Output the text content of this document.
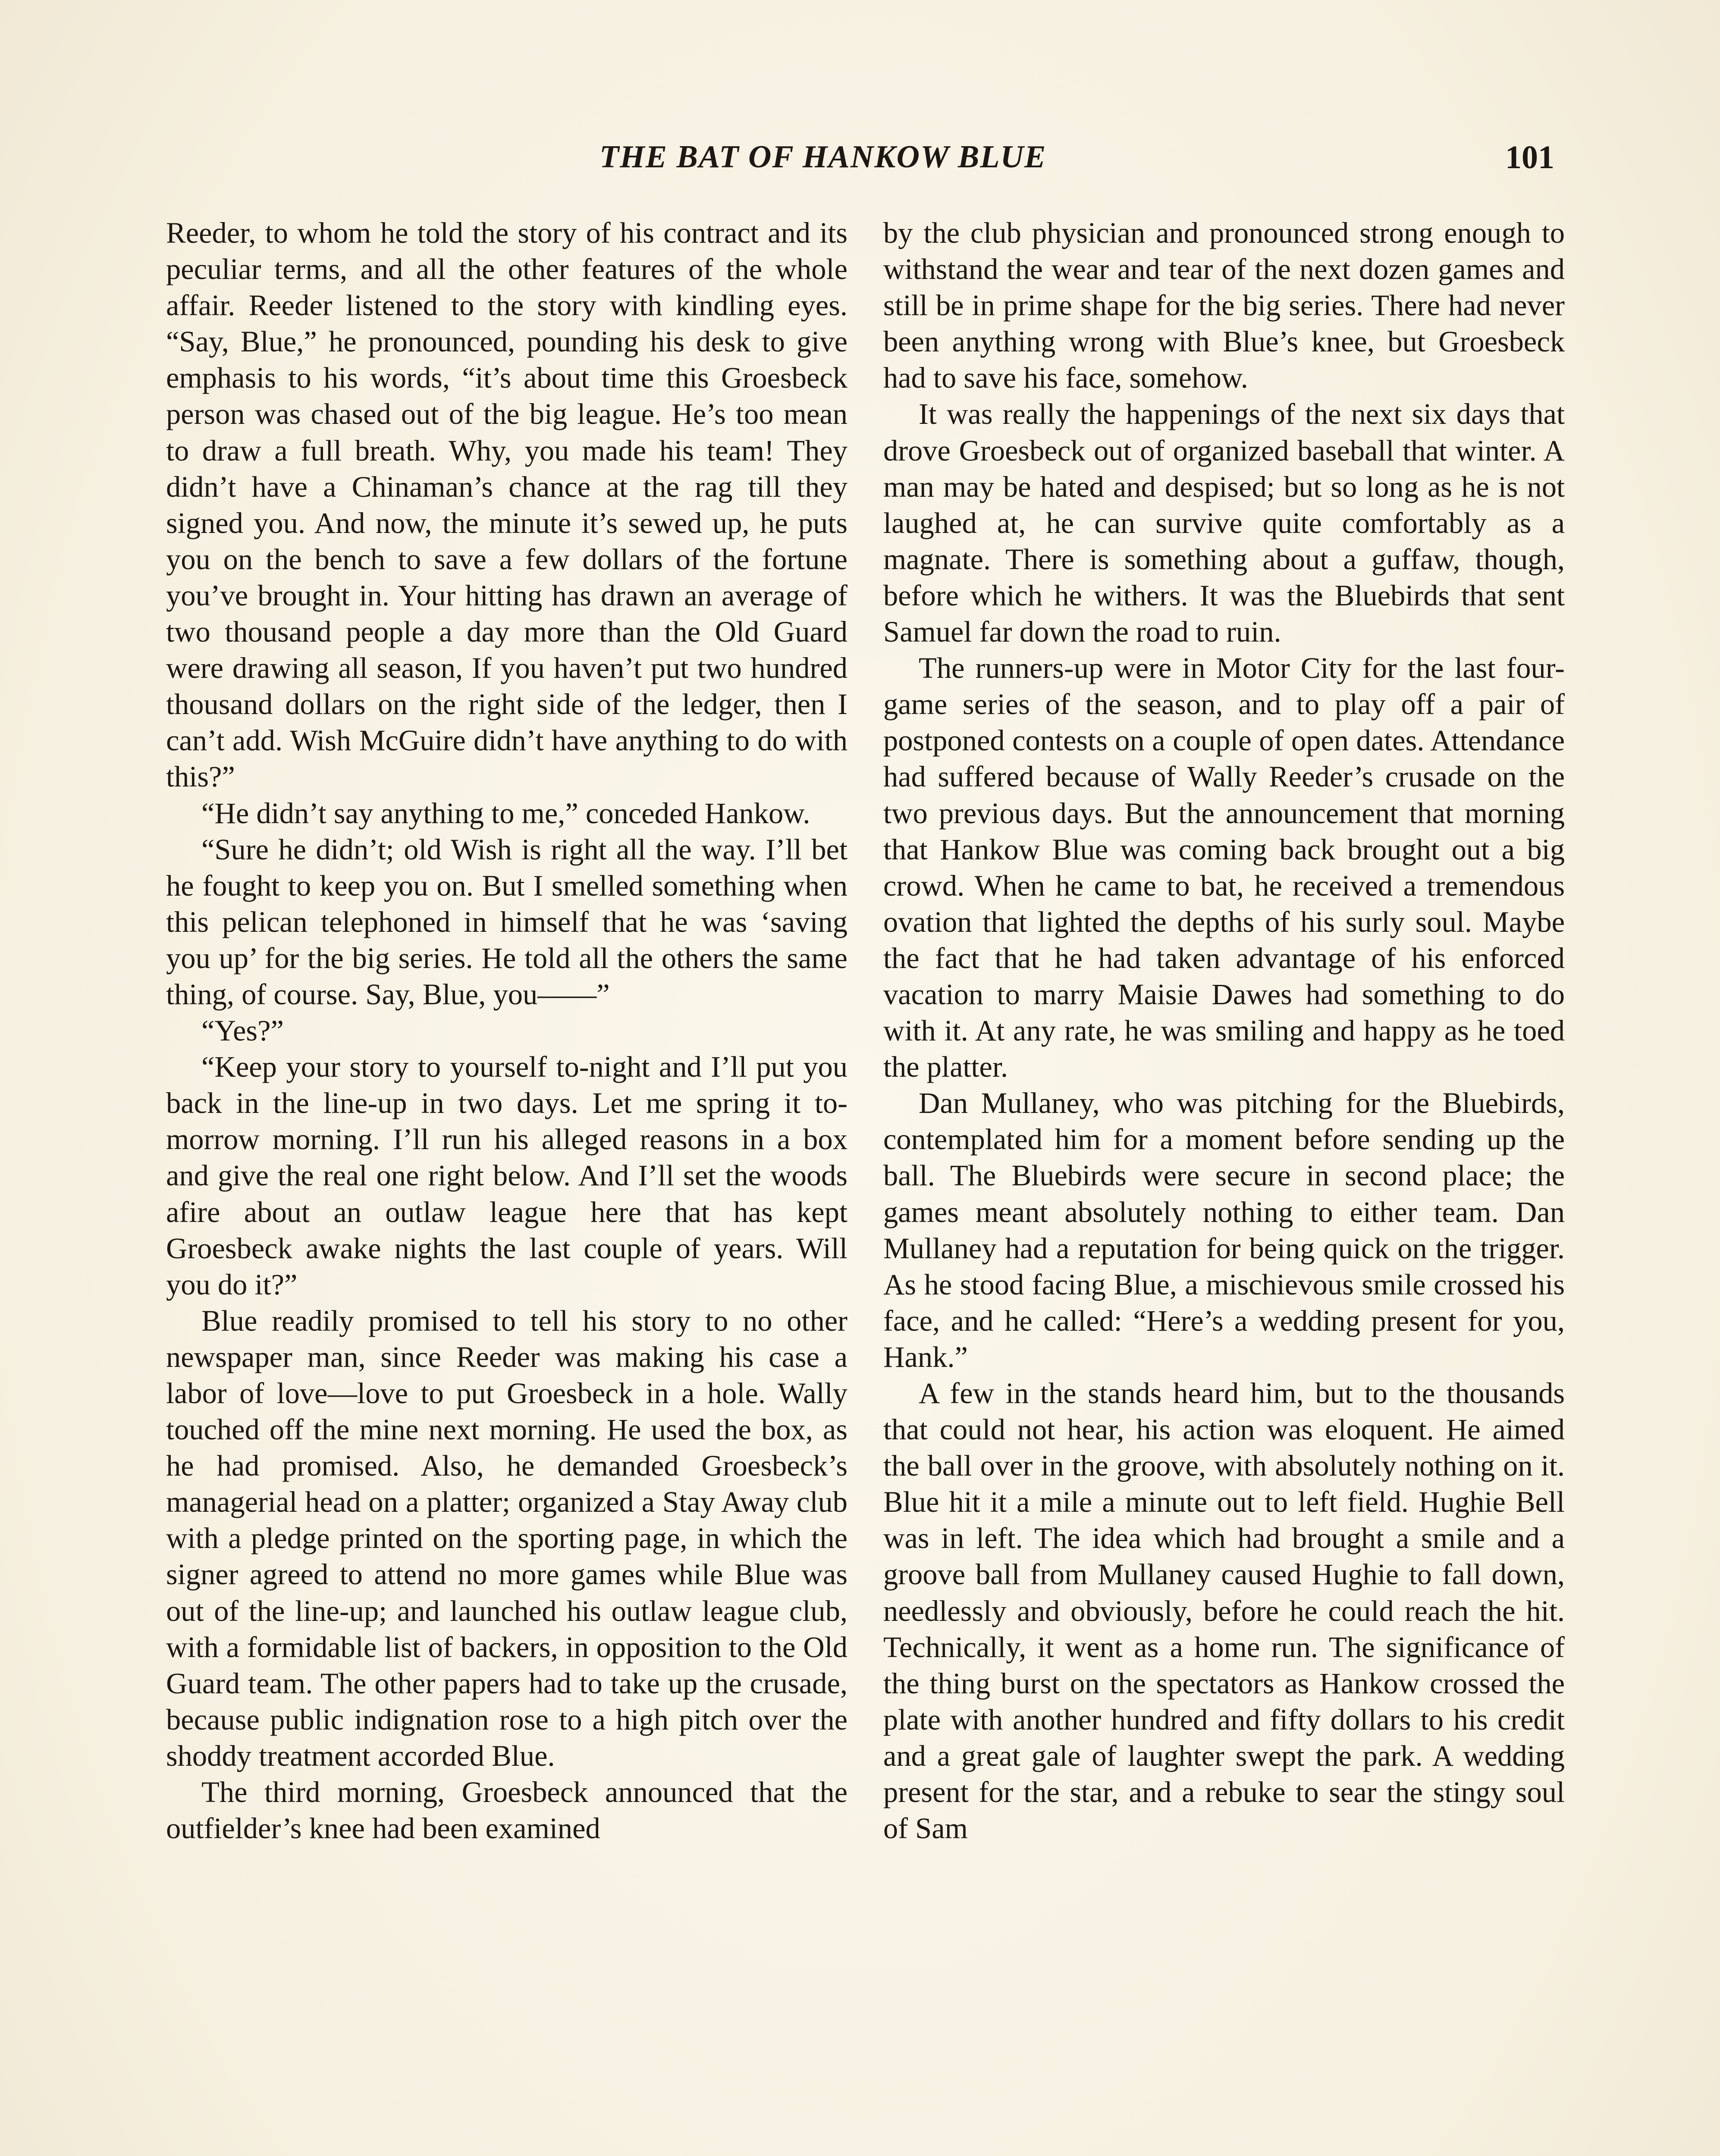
THE BAT OF HANKOW BLUE	101

Reeder, to whom he told the story of his contract and its peculiar terms, and all the other features of the whole affair. Reeder listened to the story with kindling eyes. “Say, Blue,” he pronounced, pounding his desk to give emphasis to his words, “it’s about time this Groesbeck person was chased out of the big league. He’s too mean to draw a full breath. Why, you made his team! They didn’t have a Chinaman’s chance at the rag till they signed you. And now, the minute it’s sewed up, he puts you on the bench to save a few dollars of the fortune you’ve brought in. Your hitting has drawn an average of two thousand people a day more than the Old Guard were drawing all season, If you haven’t put two hundred thousand dollars on the right side of the ledger, then I can’t add. Wish McGuire didn’t have anything to do with this?”

“He didn’t say anything to me,” conceded Hankow.

“Sure he didn’t; old Wish is right all the way. I’ll bet he fought to keep you on. But I smelled something when this pelican telephoned in himself that he was ‘saving you up’ for the big series. He told all the others the same thing, of course. Say, Blue, you——”

“Yes?”

“Keep your story to yourself to-night and I’ll put you back in the line-up in two days. Let me spring it to-morrow morning. I’ll run his alleged reasons in a box and give the real one right below. And I’ll set the woods afire about an outlaw league here that has kept Groesbeck awake nights the last couple of years. Will you do it?”

Blue readily promised to tell his story to no other newspaper man, since Reeder was making his case a labor of love—love to put Groesbeck in a hole. Wally touched off the mine next morning. He used the box, as he had promised. Also, he demanded Groesbeck’s managerial head on a platter; organized a Stay Away club with a pledge printed on the sporting page, in which the signer agreed to attend no more games while Blue was out of the line-up; and launched his outlaw league club, with a formidable list of backers, in opposition to the Old Guard team. The other papers had to take up the crusade, because public indignation rose to a high pitch over the shoddy treatment accorded Blue.

The third morning, Groesbeck announced that the outfielder’s knee had been examined

by the club physician and pronounced strong enough to withstand the wear and tear of the next dozen games and still be in prime shape for the big series. There had never been anything wrong with Blue’s knee, but Groesbeck had to save his face, somehow.

It was really the happenings of the next six days that drove Groesbeck out of organized baseball that winter. A man may be hated and despised; but so long as he is not laughed at, he can survive quite comfortably as a magnate. There is something about a guffaw, though, before which he withers. It was the Bluebirds that sent Samuel far down the road to ruin.

The runners-up were in Motor City for the last four-game series of the season, and to play off a pair of postponed contests on a couple of open dates. Attendance had suffered because of Wally Reeder’s crusade on the two previous days. But the announcement that morning that Hankow Blue was coming back brought out a big crowd. When he came to bat, he received a tremendous ovation that lighted the depths of his surly soul. Maybe the fact that he had taken advantage of his enforced vacation to marry Maisie Dawes had something to do with it. At any rate, he was smiling and happy as he toed the platter.

Dan Mullaney, who was pitching for the Bluebirds, contemplated him for a moment before sending up the ball. The Bluebirds were secure in second place; the games meant absolutely nothing to either team. Dan Mullaney had a reputation for being quick on the trigger. As he stood facing Blue, a mischievous smile crossed his face, and he called: “Here’s a wedding present for you, Hank.”

A few in the stands heard him, but to the thousands that could not hear, his action was eloquent. He aimed the ball over in the groove, with absolutely nothing on it. Blue hit it a mile a minute out to left field. Hughie Bell was in left. The idea which had brought a smile and a groove ball from Mullaney caused Hughie to fall down, needlessly and obviously, before he could reach the hit. Technically, it went as a home run. The significance of the thing burst on the spectators as Hankow crossed the plate with another hundred and fifty dollars to his credit and a great gale of laughter swept the park. A wedding present for the star, and a rebuke to sear the stingy soul of Sam
